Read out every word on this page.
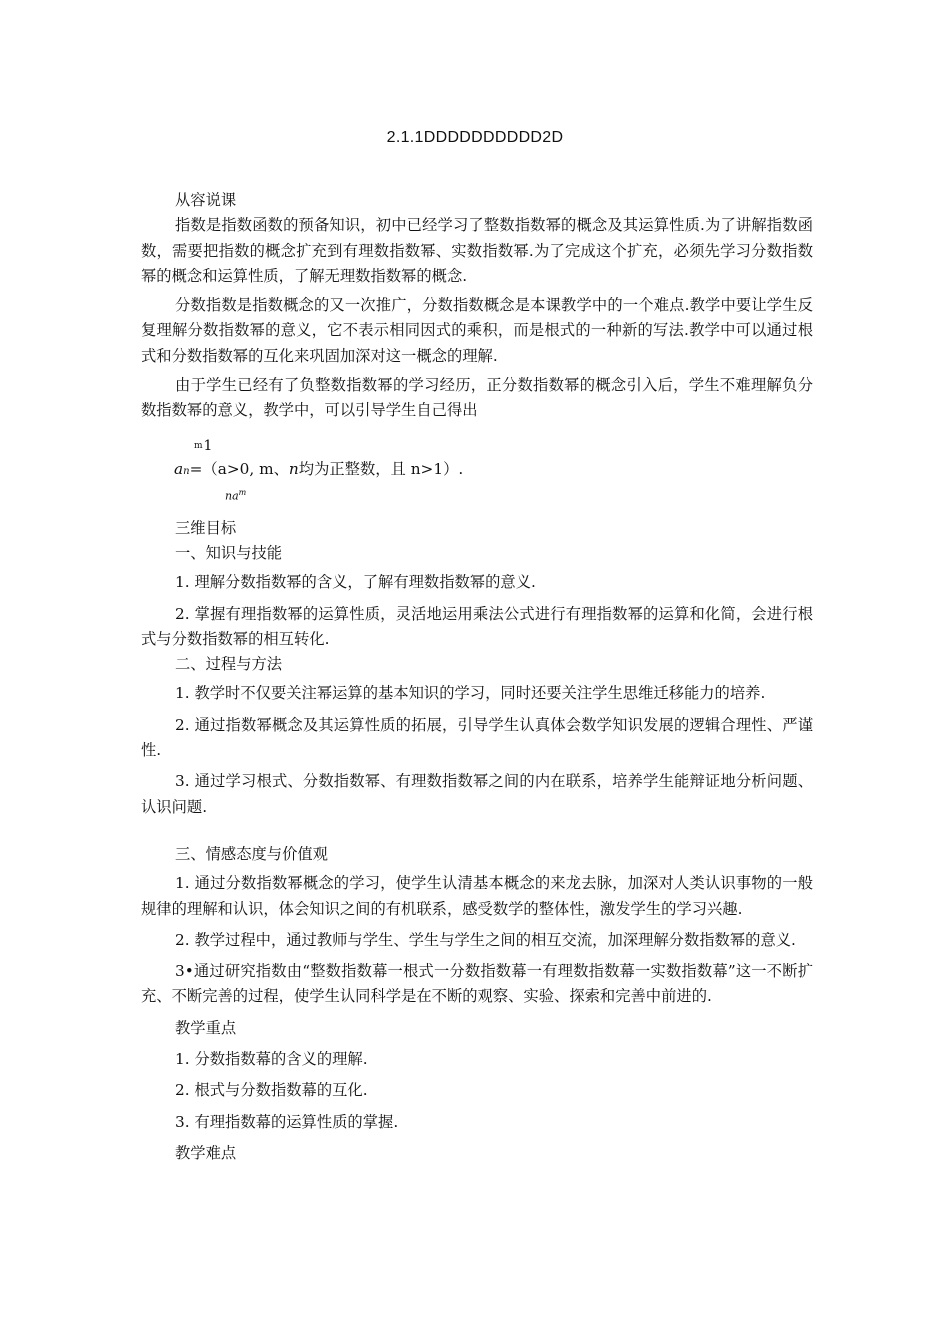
2.1.1DDDDDDDDDD2D

从容说课

指数是指数函数的预备知识，初中已经学习了整数指数幂的概念及其运算性质.为了讲解指数函数，需要把指数的概念扩充到有理数指数幂、实数指数幂.为了完成这个扩充，必须先学习分数指数幂的概念和运算性质，了解无理数指数幂的概念.

分数指数是指数概念的又一次推广，分数指数概念是本课教学中的一个难点.教学中要让学生反复理解分数指数幂的意义，它不表示相同因式的乘积，而是根式的一种新的写法.教学中可以通过根式和分数指数幂的互化来巩固加深对这一概念的理解.

由于学生已经有了负整数指数幂的学习经历，正分数指数幂的概念引入后，学生不难理解负分数指数幂的意义，教学中，可以引导学生自己得出

m1
an=（a>0, m、n均为正整数，且 n>1）.
$na^m$

三维目标

一、知识与技能

1. 理解分数指数幂的含义，了解有理数指数幂的意义.

2. 掌握有理指数幂的运算性质，灵活地运用乘法公式进行有理指数幂的运算和化简，会进行根式与分数指数幂的相互转化.

二、过程与方法

1. 教学时不仅要关注幂运算的基本知识的学习，同时还要关注学生思维迁移能力的培养.

2. 通过指数幂概念及其运算性质的拓展，引导学生认真体会数学知识发展的逻辑合理性、严谨性.

3. 通过学习根式、分数指数幂、有理数指数幂之间的内在联系，培养学生能辩证地分析问题、认识问题.

三、情感态度与价值观

1. 通过分数指数幂概念的学习，使学生认清基本概念的来龙去脉，加深对人类认识事物的一般规律的理解和认识，体会知识之间的有机联系，感受数学的整体性，激发学生的学习兴趣.

2. 教学过程中，通过教师与学生、学生与学生之间的相互交流，加深理解分数指数幂的意义.

3•通过研究指数由“整数指数幕一根式一分数指数幕一有理数指数幕一实数指数幕”这一不断扩充、不断完善的过程，使学生认同科学是在不断的观察、实验、探索和完善中前进的.

教学重点

1. 分数指数幕的含义的理解.

2. 根式与分数指数幕的互化.

3. 有理指数幕的运算性质的掌握.

教学难点
